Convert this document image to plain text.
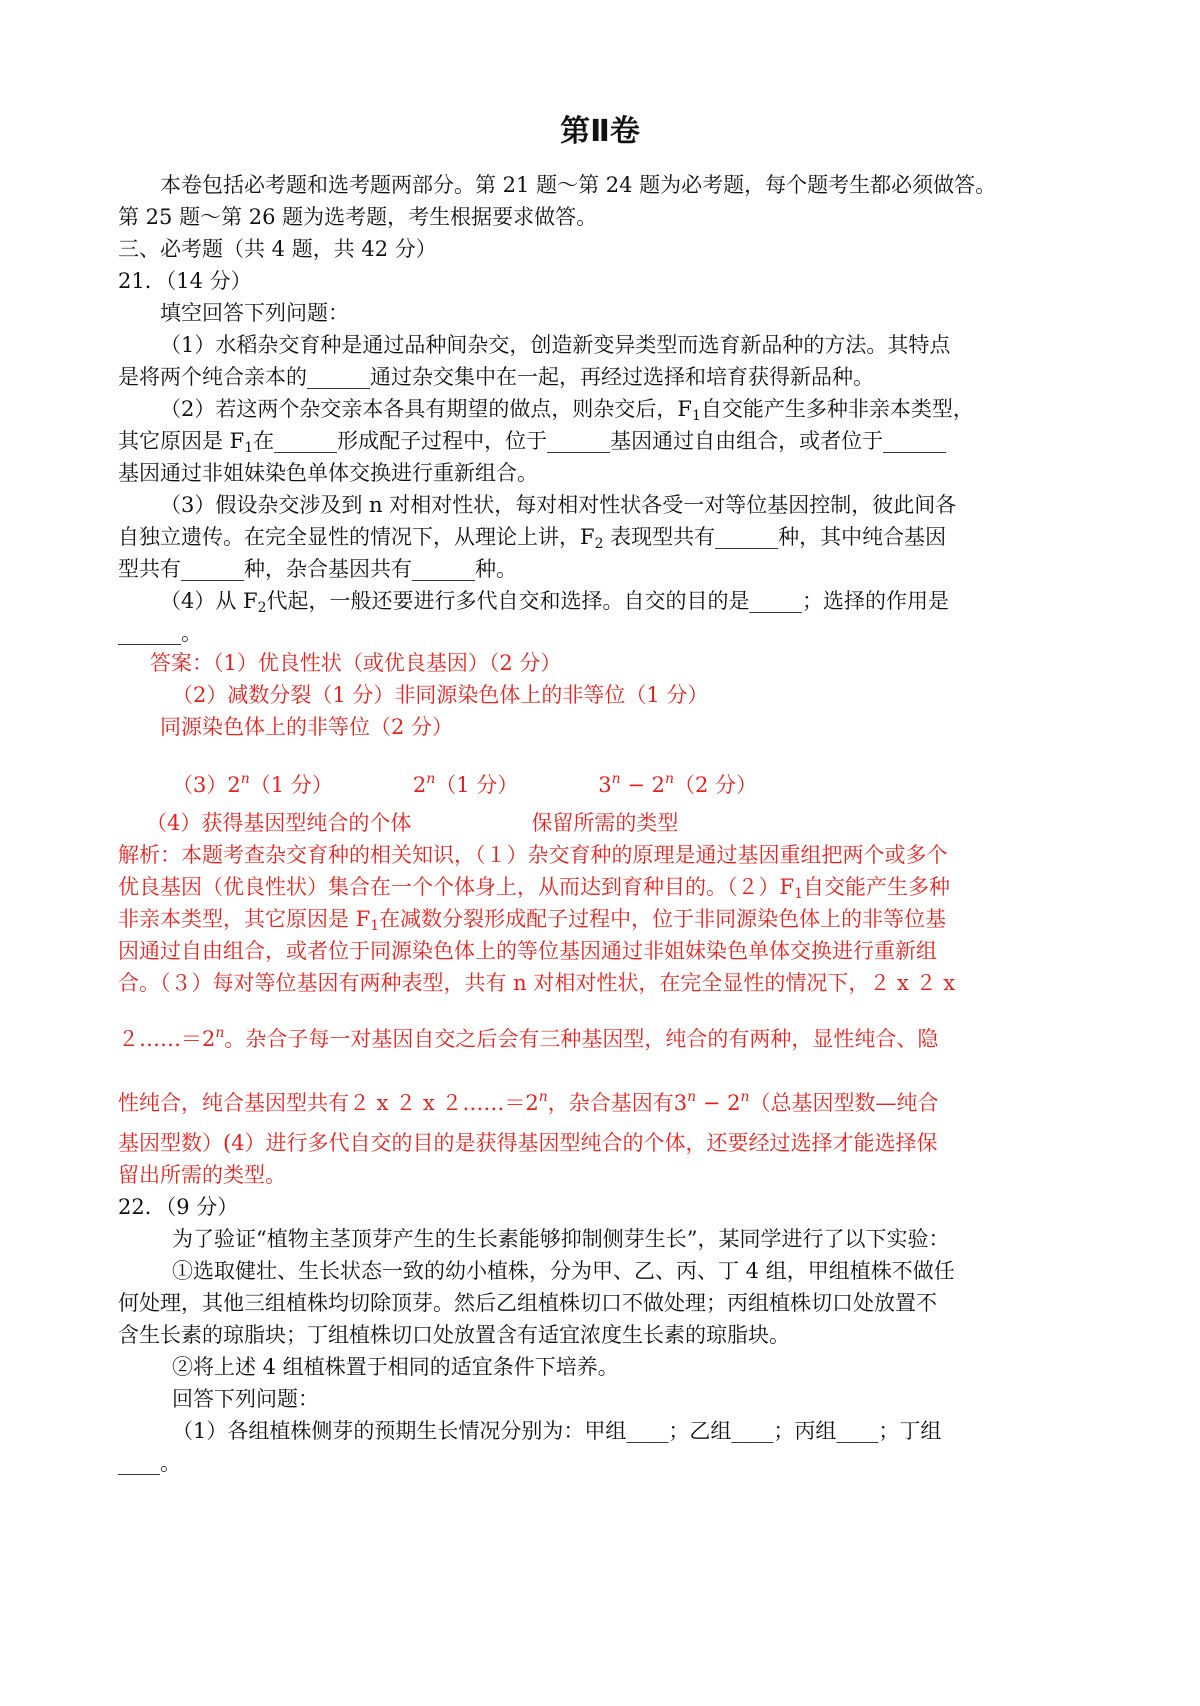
第Ⅱ卷
本卷包括必考题和选考题两部分。第 21 题～第 24 题为必考题，每个题考生都必须做答。
第 25 题～第 26 题为选考题，考生根据要求做答。
三、必考题（共 4 题，共 42 分）
21．（14 分）
填空回答下列问题：
（1）水稻杂交育种是通过品种间杂交，创造新变异类型而选育新品种的方法。其特点
是将两个纯合亲本的______通过杂交集中在一起，再经过选择和培育获得新品种。
（2）若这两个杂交亲本各具有期望的做点，则杂交后，$F_1$自交能产生多种非亲本类型，
其它原因是 $F_1$在______形成配子过程中，位于______基因通过自由组合，或者位于______
基因通过非姐妹染色单体交换进行重新组合。
（3）假设杂交涉及到 n 对相对性状，每对相对性状各受一对等位基因控制，彼此间各
自独立遗传。在完全显性的情况下，从理论上讲，$F_2$ 表现型共有______种，其中纯合基因
型共有______种，杂合基因共有______种。
（4）从 $F_2$代起，一般还要进行多代自交和选择。自交的目的是_____；选择的作用是
______。
答案：（1）优良性状（或优良基因）（2 分）
（2）减数分裂（1 分）非同源染色体上的非等位（1 分）
同源染色体上的非等位（2 分）
（3）2$^n$（1 分）	2$^n$（1 分）	$3^n - 2^n(2$ 分）
（4）获得基因型纯合的个体	保留所需的类型
解析：本题考查杂交育种的相关知识，（１）杂交育种的原理是通过基因重组把两个或多个
优良基因（优良性状）集合在一个个体身上，从而达到育种目的。$(2)F_1$自交能产生多种
非亲本类型，其它原因是 $F_1$在减数分裂形成配子过程中，位于非同源染色体上的非等位基
因通过自由组合，或者位于同源染色体上的等位基因通过非姐妹染色单体交换进行重新组
合。（３）每对等位基因有两种表型，共有 n 对相对性状，在完全显性的情况下，２ x ２ x
$2\dots\dots=2^n$。杂合子每一对基因自交之后会有三种基因型，纯合的有两种，显性纯合、隐
性纯合，纯合基因型共有２ x ２ x $2\dots\dots=2^n$，杂合基因有$3^n - 2^n$（总基因型数—纯合
基因型数）(4）进行多代自交的目的是获得基因型纯合的个体，还要经过选择才能选择保
留出所需的类型。
22．（9 分）
为了验证“植物主茎顶芽产生的生长素能够抑制侧芽生长”，某同学进行了以下实验：
①选取健壮、生长状态一致的幼小植株，分为甲、乙、丙、丁 4 组，甲组植株不做任
何处理，其他三组植株均切除顶芽。然后乙组植株切口不做处理；丙组植株切口处放置不
含生长素的琼脂块；丁组植株切口处放置含有适宜浓度生长素的琼脂块。
②将上述 4 组植株置于相同的适宜条件下培养。
回答下列问题：
（1）各组植株侧芽的预期生长情况分别为：甲组____；乙组____；丙组____；丁组
____。
